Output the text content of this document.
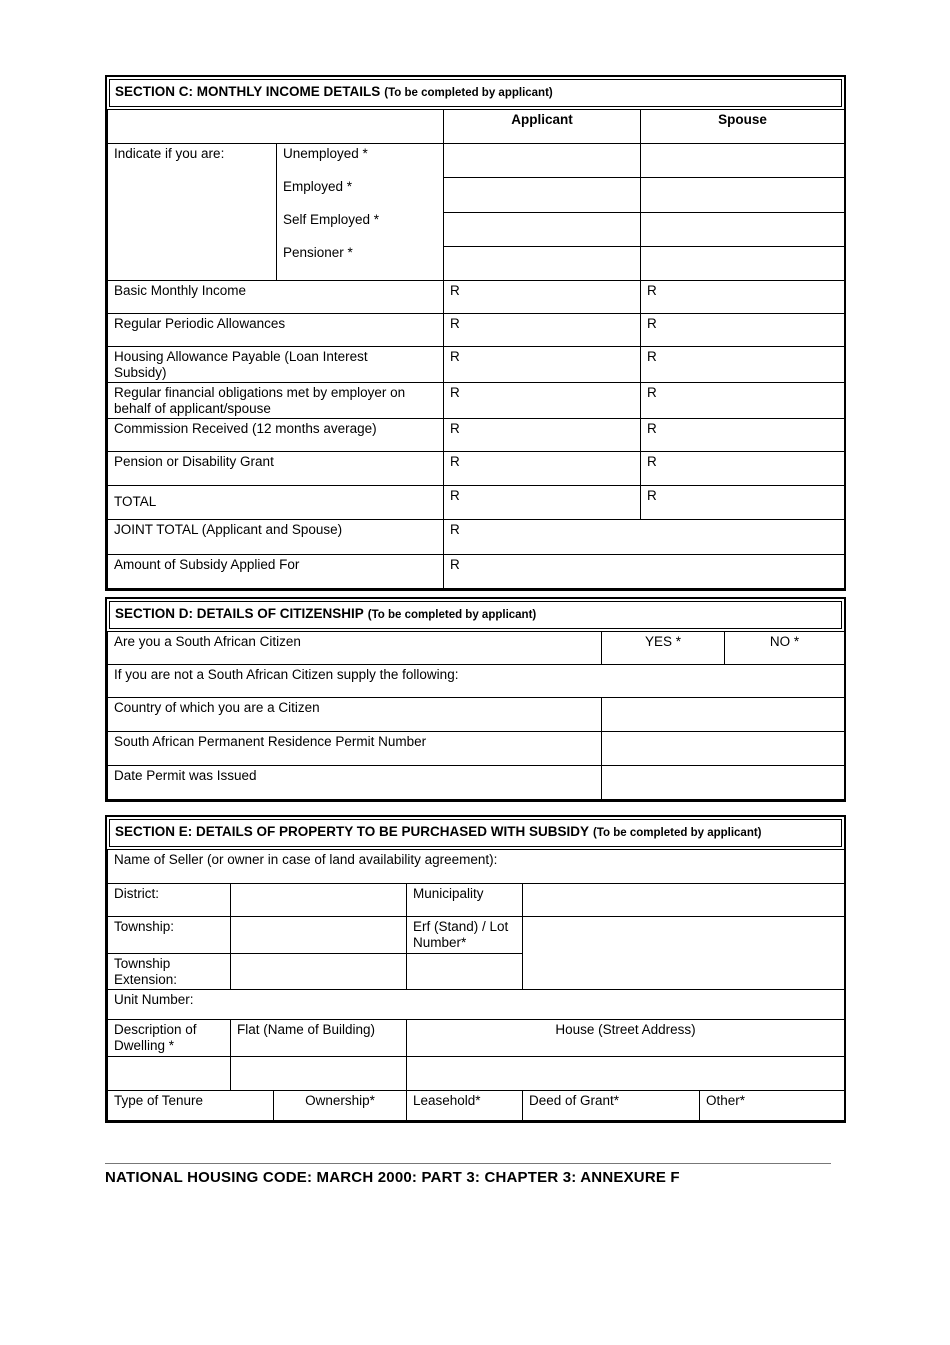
SECTION C: MONTHLY INCOME DETAILS (To be completed by applicant)
		Applicant	Spouse
Indicate if you are:	Unemployed *
Employed *
Self Employed *
Pensioner *		

Basic Monthly Income		R	R
Regular Periodic Allowances		R	R
Housing Allowance Payable (Loan Interest Subsidy)		R	R
Regular financial obligations met by employer on behalf of applicant/spouse		R	R
Commission Received (12 months average)		R	R
Pension or Disability Grant		R	R
TOTAL		R	R
JOINT TOTAL (Applicant and Spouse)		R	
Amount of Subsidy Applied For		R	
SECTION D: DETAILS OF CITIZENSHIP (To be completed by applicant)
Are you a South African Citizen	YES *	NO *
If you are not a South African Citizen supply the following:		
Country of which you are a Citizen		
South African Permanent Residence Permit Number		
Date Permit was Issued		
SECTION E: DETAILS OF PROPERTY TO BE PURCHASED WITH SUBSIDY (To be completed by applicant)
Name of Seller (or owner in case of land availability agreement):					
District:			Municipality		
Township:			Erf (Stand) / Lot Number*		
Township Extension:					
Unit Number:					
Description of Dwelling *	Flat (Name of Building)		House (Street Address)		

Type of Tenure		Ownership*	Leasehold*	Deed of Grant*	Other*
NATIONAL HOUSING CODE: MARCH 2000: PART 3: CHAPTER 3: ANNEXURE F
